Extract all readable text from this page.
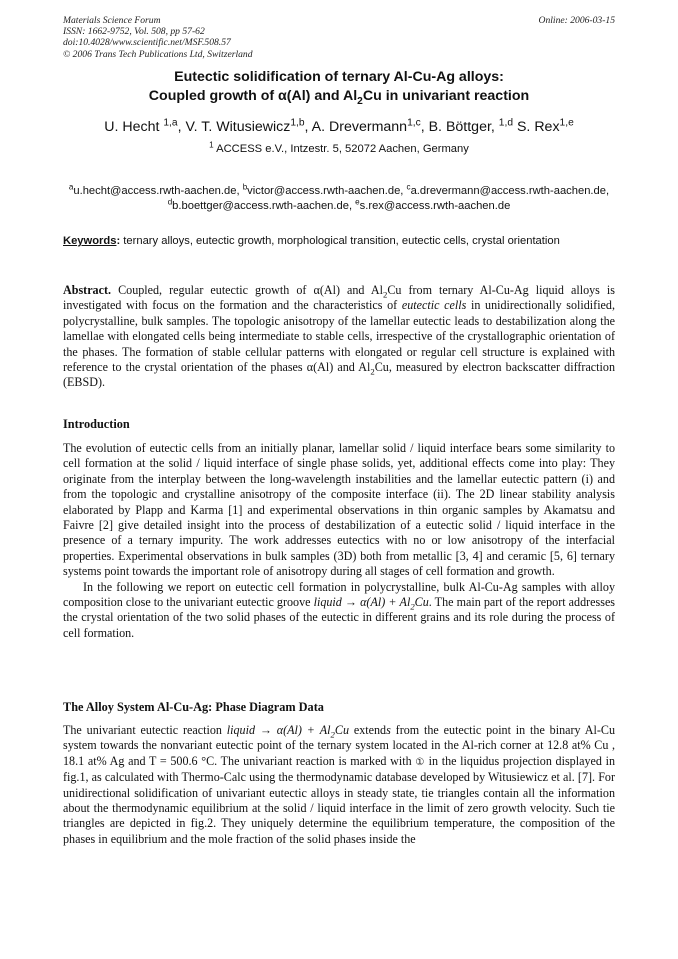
Materials Science Forum
ISSN: 1662-9752, Vol. 508, pp 57-62
doi:10.4028/www.scientific.net/MSF.508.57
© 2006 Trans Tech Publications Ltd, Switzerland
Online: 2006-03-15
Eutectic solidification of ternary Al-Cu-Ag alloys:
Coupled growth of α(Al) and $Al_2Cu$ in univariant reaction
U. Hecht $^{1,a}$, V. T. Witusiewicz$^{1,b}$, A. Drevermann$^{1,c}$, B. Böttger, $^{1,d}$ S. Rex$^{1,e}$
$^1$ ACCESS e.V., Intzestr. 5, 52072 Aachen, Germany
$^a$u.hecht@access.rwth-aachen.de, $^b$victor@access.rwth-aachen.de, $^c$a.drevermann@access.rwth-aachen.de, $^d$b.boettger@access.rwth-aachen.de, $^e$s.rex@access.rwth-aachen.de
Keywords: ternary alloys, eutectic growth, morphological transition, eutectic cells, crystal orientation
Abstract. Coupled, regular eutectic growth of α(Al) and $Al_2Cu$ from ternary Al-Cu-Ag liquid alloys is investigated with focus on the formation and the characteristics of eutectic cells in unidirectionally solidified, polycrystalline, bulk samples. The topologic anisotropy of the lamellar eutectic leads to destabilization along the lamellae with elongated cells being intermediate to stable cells, irrespective of the crystallographic orientation of the phases. The formation of stable cellular patterns with elongated or regular cell structure is explained with reference to the crystal orientation of the phases α(Al) and $Al_2Cu$, measured by electron backscatter diffraction (EBSD).
Introduction

The evolution of eutectic cells from an initially planar, lamellar solid / liquid interface bears some similarity to cell formation at the solid / liquid interface of single phase solids, yet, additional effects come into play: They originate from the interplay between the long-wavelength instabilities and the lamellar eutectic pattern (i) and from the topologic and crystalline anisotropy of the composite interface (ii). The 2D linear stability analysis elaborated by Plapp and Karma [1] and experimental observations in thin organic samples by Akamatsu and Faivre [2] give detailed insight into the process of destabilization of a eutectic solid / liquid interface in the presence of a ternary impurity. The work addresses eutectics with no or low anisotropy of the interfacial properties. Experimental observations in bulk samples (3D) both from metallic [3, 4] and ceramic [5, 6] ternary systems point towards the important role of anisotropy during all stages of cell formation and growth.

In the following we report on eutectic cell formation in polycrystalline, bulk Al-Cu-Ag samples with alloy composition close to the univariant eutectic groove liquid → $\alpha(Al) + Al_2Cu$. The main part of the report addresses the crystal orientation of the two solid phases of the eutectic in different grains and its role during the process of cell formation.

The Alloy System Al-Cu-Ag: Phase Diagram Data

The univariant eutectic reaction liquid → $\alpha(Al) + Al_2Cu$ extends from the eutectic point in the binary Al-Cu system towards the nonvariant eutectic point of the ternary system located in the Al-rich corner at 12.8 at% Cu , 18.1 at% Ag and T = 500.6 °C. The univariant reaction is marked with ① in the liquidus projection displayed in fig.1, as calculated with Thermo-Calc using the thermodynamic database developed by Witusiewicz et al. [7]. For unidirectional solidification of univariant eutectic alloys in steady state, tie triangles contain all the information about the thermodynamic equilibrium at the solid / liquid interface in the limit of zero growth velocity. Such tie triangles are depicted in fig.2. They uniquely determine the equilibrium temperature, the composition of the phases in equilibrium and the mole fraction of the solid phases inside the
